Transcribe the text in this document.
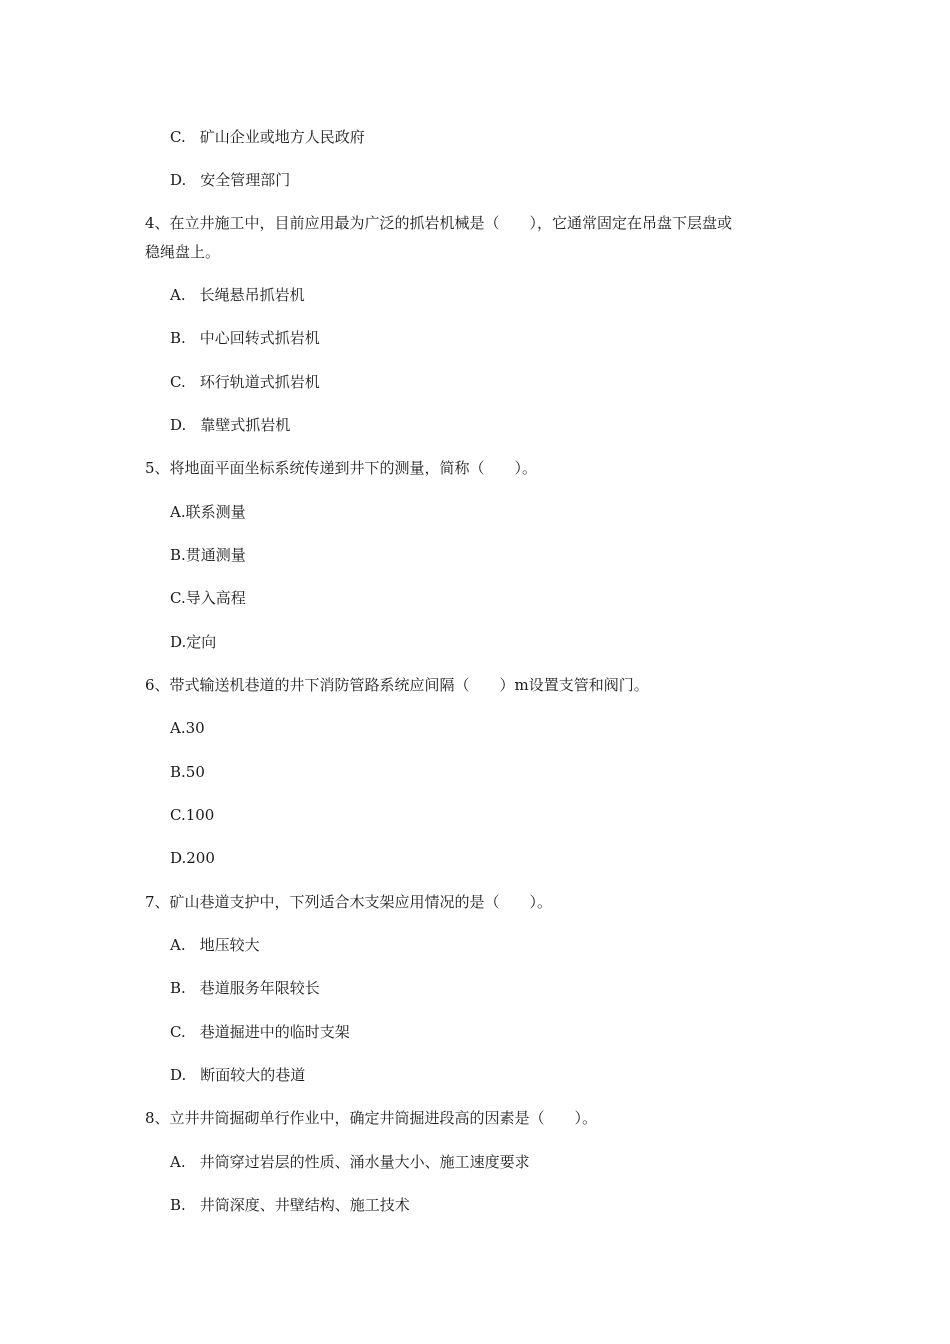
C. 矿山企业或地方人民政府
D. 安全管理部门
4、在立井施工中，目前应用最为广泛的抓岩机械是（　　），它通常固定在吊盘下层盘或
稳绳盘上。
A. 长绳悬吊抓岩机
B. 中心回转式抓岩机
C. 环行轨道式抓岩机
D. 靠壁式抓岩机
5、将地面平面坐标系统传递到井下的测量，简称（　　）。
A.联系测量
B.贯通测量
C.导入高程
D.定向
6、带式输送机巷道的井下消防管路系统应间隔（　　）m设置支管和阀门。
A.30
B.50
C.100
D.200
7、矿山巷道支护中，下列适合木支架应用情况的是（　　）。
A. 地压较大
B. 巷道服务年限较长
C. 巷道掘进中的临时支架
D. 断面较大的巷道
8、立井井筒掘砌单行作业中，确定井筒掘进段高的因素是（　　）。
A. 井筒穿过岩层的性质、涌水量大小、施工速度要求
B. 井筒深度、井壁结构、施工技术
